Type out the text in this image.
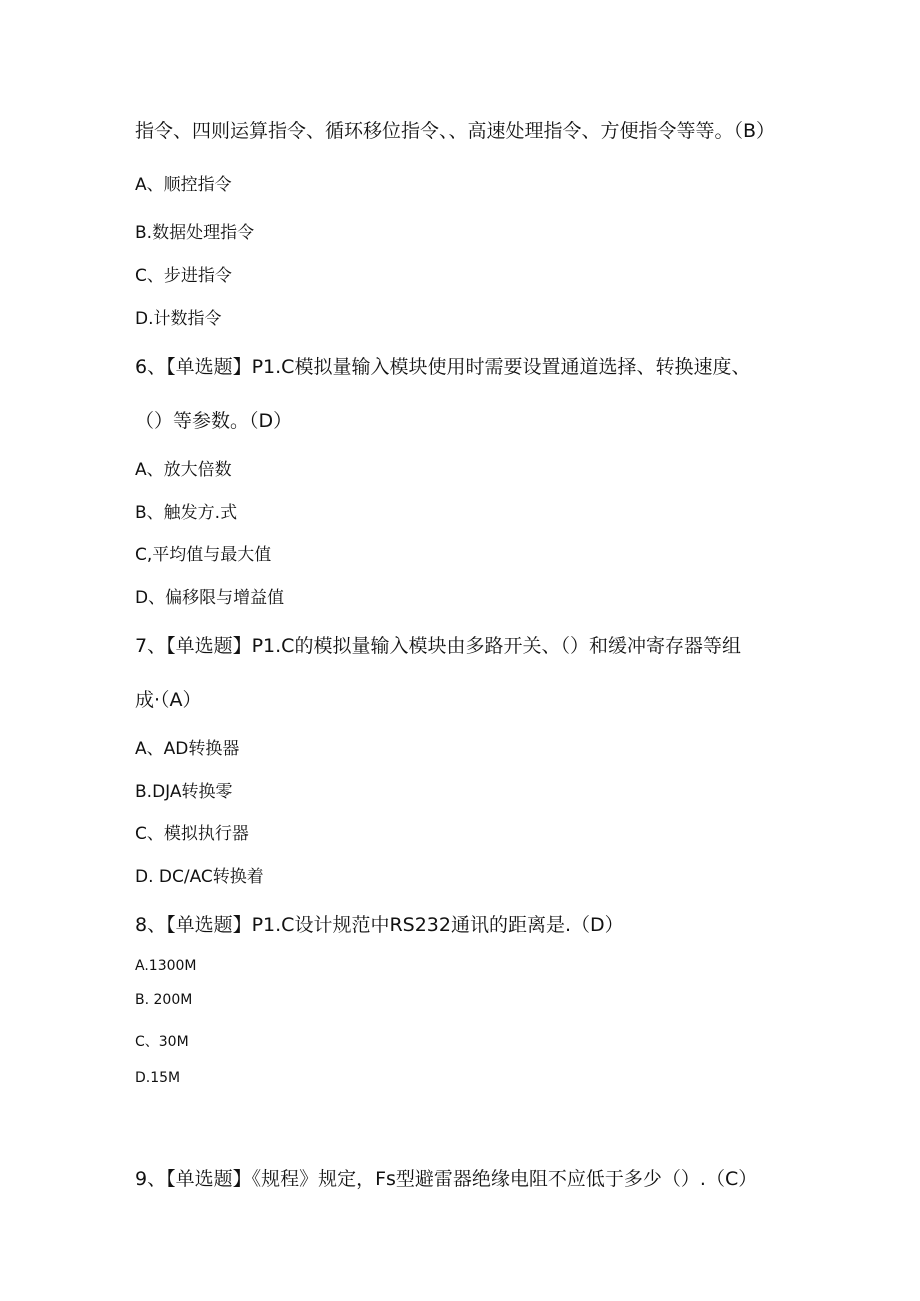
指令、四则运算指令、循环移位指令、、高速处理指令、方便指令等等。（B）
A、顺控指令
B.数据处理指令
C、步进指令
D.计数指令
6、【单选题】P1.C模拟量输入模块使用时需要设置通道选择、转换速度、
（）等参数。（D）
A、放大倍数
B、触发方.式
C,平均值与最大值
D、偏移限与增益值
7、【单选题】P1.C的模拟量输入模块由多路开关、（）和缓冲寄存器等组
成·（A）
A、AD转换器
B.DJA转换零
C、模拟执行器
D. DC/AC转换着
8、【单选题】P1.C设计规范中RS232通讯的距离是.（D）
A.1300M
B. 200M
C、30M
D.15M
9、【单选题】《规程》规定，Fs型避雷器绝缘电阻不应低于多少（）.（C）
